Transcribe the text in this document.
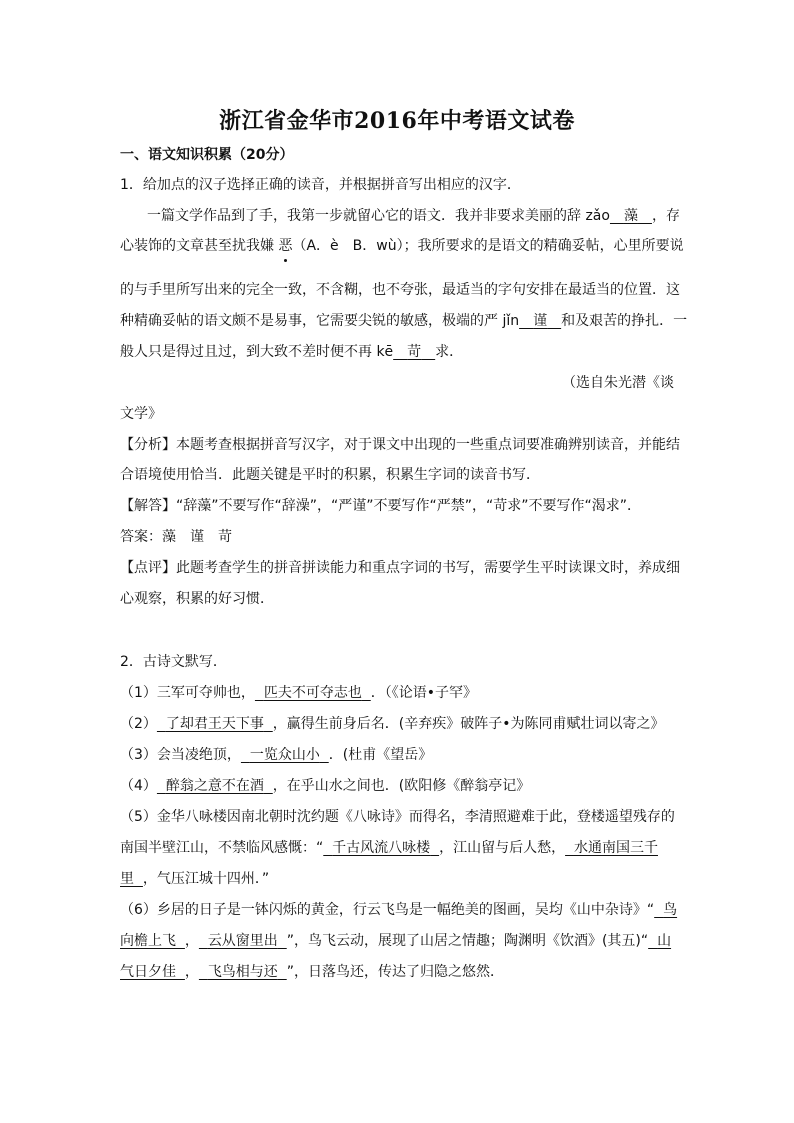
浙江省金华市2016年中考语文试卷
一、语文知识积累（20分）
1．给加点的汉子选择正确的读音，并根据拼音写出相应的汉字．
一篇文学作品到了手，我第一步就留心它的语文．我并非要求美丽的辞 zǎo　 藻　 ，存
心装饰的文章甚至扰我嫌 恶（A．è　B．wù）；我所要求的是语文的精确妥帖，心里所要说
的与手里所写出来的完全一致，不含糊，也不夸张，最适当的字句安排在最适当的位置．这
种精确妥帖的语文颇不是易事，它需要尖锐的敏感，极端的严 jǐn　 谨　 和及艰苦的挣扎．一
般人只是得过且过，到大致不差时便不再 kē　 苛　 求．
（选自朱光潜《谈
文学》
【分析】本题考查根据拼音写汉字，对于课文中出现的一些重点词要准确辨别读音，并能结
合语境使用恰当．此题关键是平时的积累，积累生字词的读音书写．
【解答】“辞藻”不要写作“辞澡”，“严谨”不要写作“严禁”，“苛求”不要写作“渴求”．
答案：藻　谨　苛
【点评】此题考查学生的拼音拼读能力和重点字词的书写，需要学生平时读课文时，养成细
心观察，积累的好习惯．
2．古诗文默写．
（1）三军可夺帅也， 匹夫不可夺志也 ．（《论语•子罕》
（2） 了却君王天下事 ，赢得生前身后名．(辛弃疾》破阵子•为陈同甫赋壮词以寄之》
（3）会当凌绝顶， 一览众山小 ．(杜甫《望岳》
（4） 醉翁之意不在酒 ，在乎山水之间也．(欧阳修《醉翁亭记》
（5）金华八咏楼因南北朝时沈约题《八咏诗》而得名，李清照避难于此，登楼遥望残存的
南国半壁江山，不禁临风感慨：“ 千古风流八咏楼 ，江山留与后人愁， 水通南国三千
里 ，气压江城十四州．”
（6）乡居的日子是一钵闪烁的黄金，行云飞鸟是一幅绝美的图画，吴均《山中杂诗》“ 鸟
向檐上飞 ， 云从窗里出 ”，鸟飞云动，展现了山居之情趣；陶渊明《饮酒》(其五)“ 山
气日夕佳 ， 飞鸟相与还 ”，日落鸟还，传达了归隐之悠然．
